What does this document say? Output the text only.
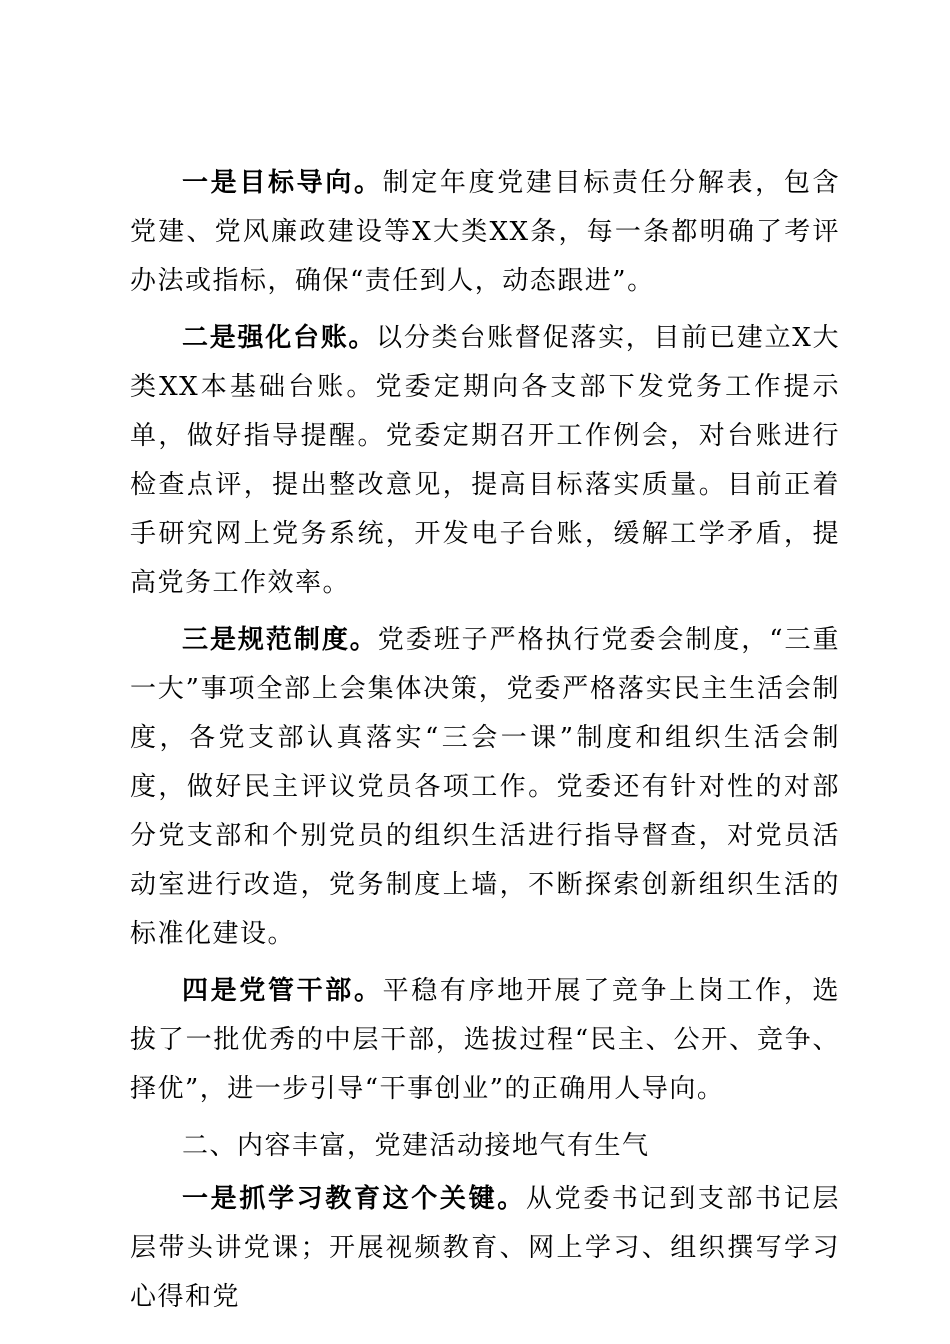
一是目标导向。制定年度党建目标责任分解表，包含党建、党风廉政建设等X大类XX条，每一条都明确了考评办法或指标，确保“责任到人，动态跟进”。

二是强化台账。以分类台账督促落实，目前已建立X大类XX本基础台账。党委定期向各支部下发党务工作提示单，做好指导提醒。党委定期召开工作例会，对台账进行检查点评，提出整改意见，提高目标落实质量。目前正着手研究网上党务系统，开发电子台账，缓解工学矛盾，提高党务工作效率。

三是规范制度。党委班子严格执行党委会制度，“三重一大”事项全部上会集体决策，党委严格落实民主生活会制度，各党支部认真落实“三会一课”制度和组织生活会制度，做好民主评议党员各项工作。党委还有针对性的对部分党支部和个别党员的组织生活进行指导督查，对党员活动室进行改造，党务制度上墙，不断探索创新组织生活的标准化建设。

四是党管干部。平稳有序地开展了竞争上岗工作，选拔了一批优秀的中层干部，选拔过程“民主、公开、竞争、择优”，进一步引导“干事创业”的正确用人导向。

二、内容丰富，党建活动接地气有生气

一是抓学习教育这个关键。从党委书记到支部书记层层带头讲党课；开展视频教育、网上学习、组织撰写学习心得和党
